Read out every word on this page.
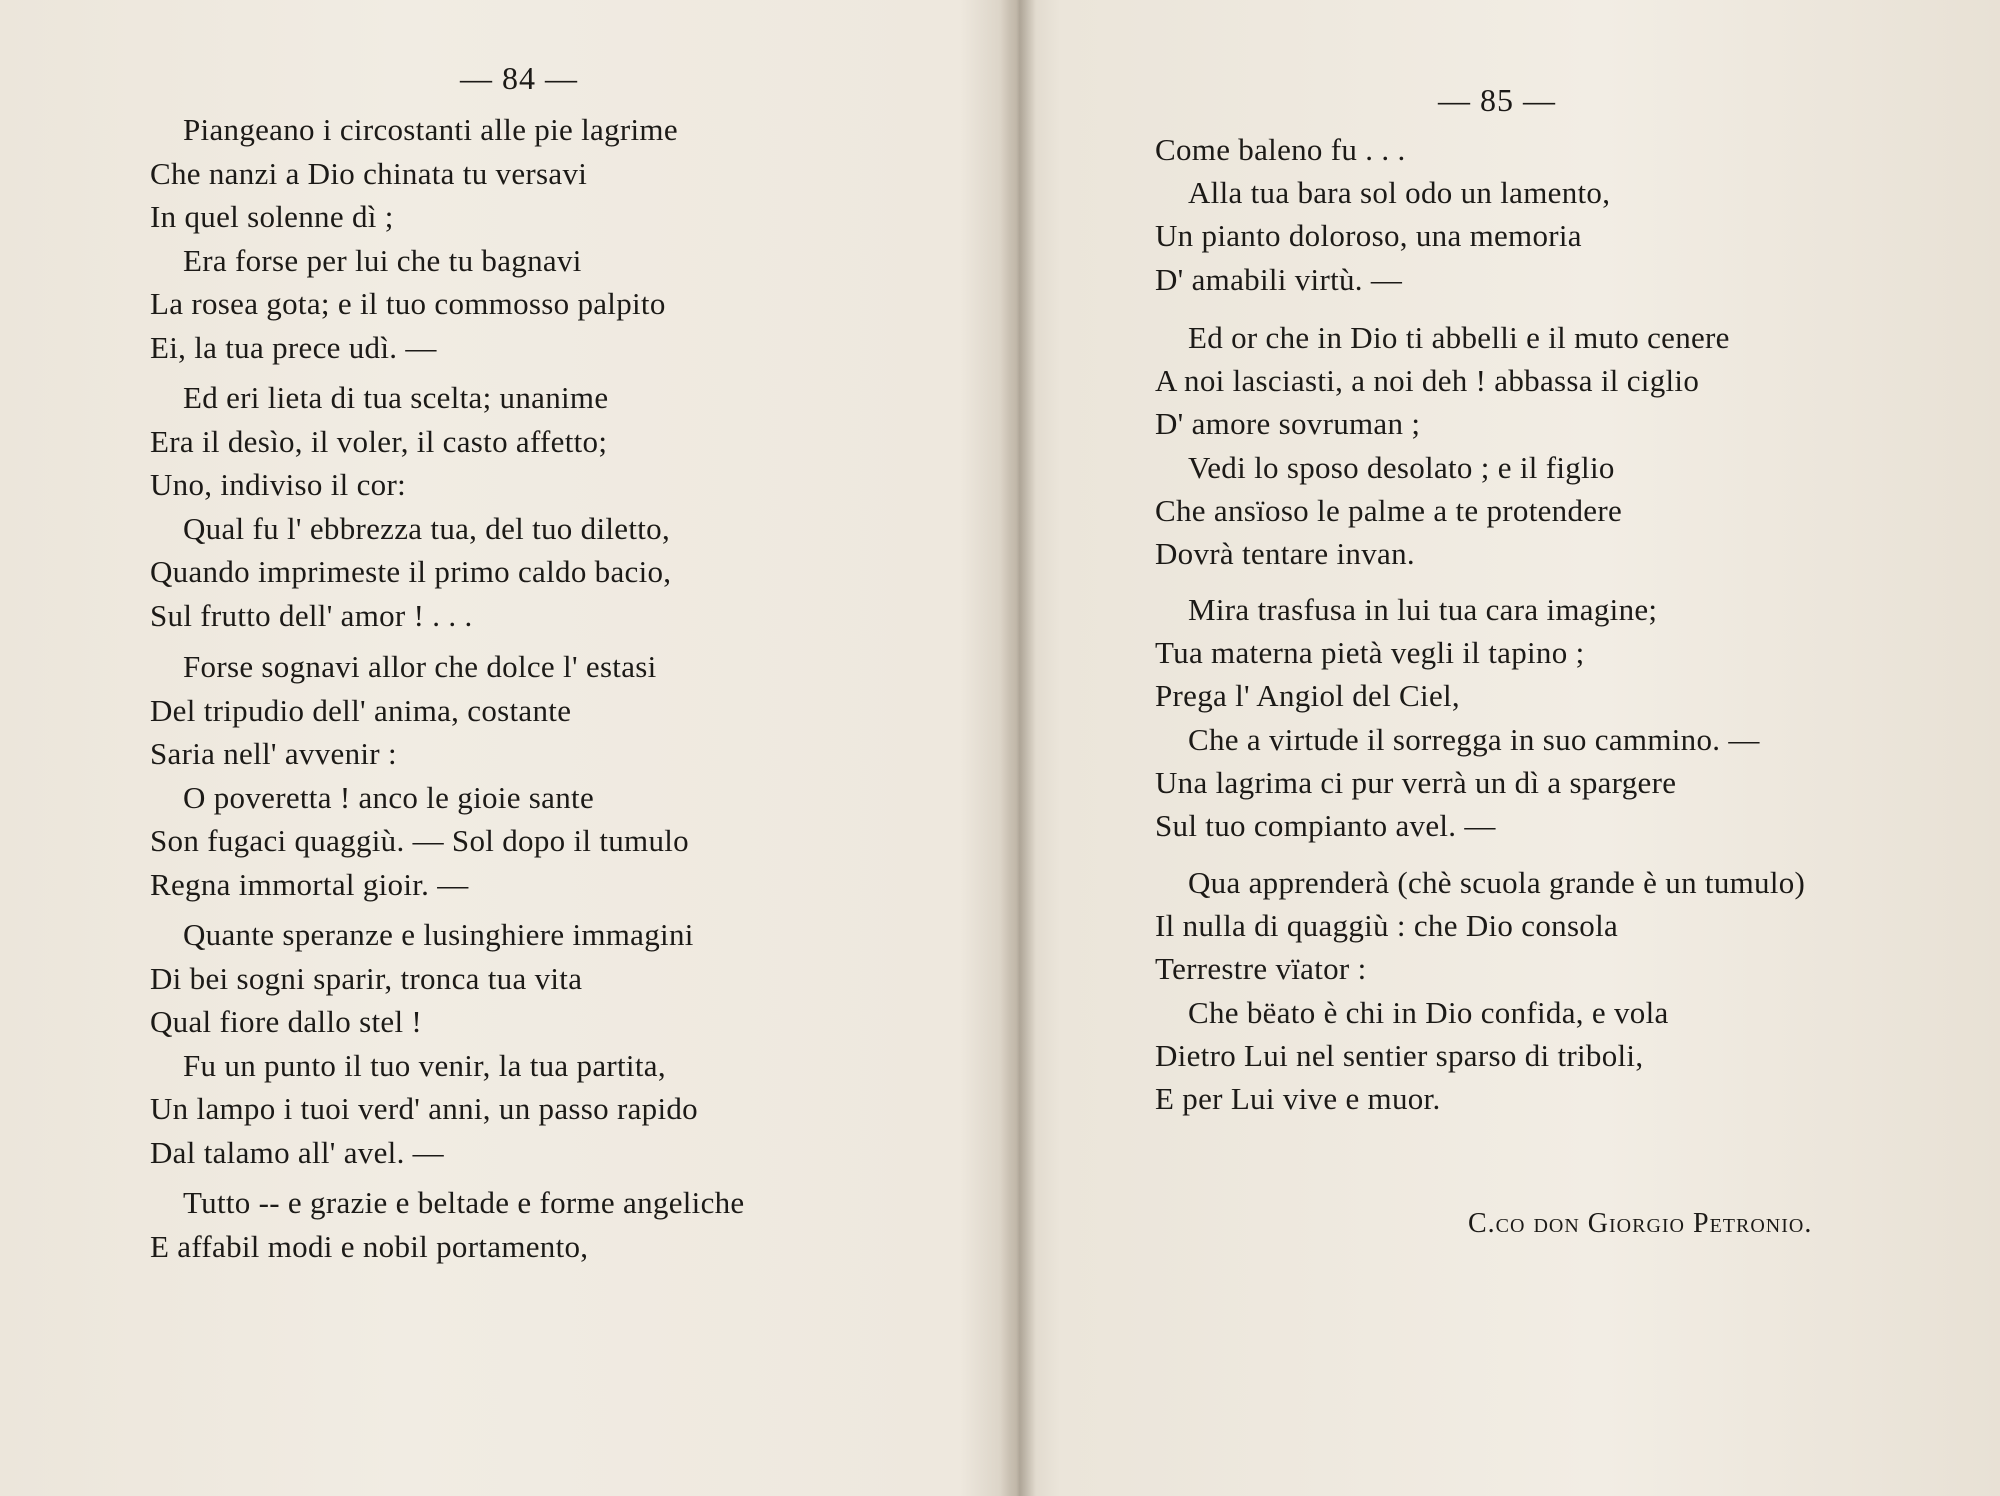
— 84 —
Piangeano i circostanti alle pie lagrime
Che nanzi a Dio chinata tu versavi
In quel solenne dì ;
Era forse per lui che tu bagnavi
La rosea gota; e il tuo commosso palpito
Ei, la tua prece udì. —
Ed eri lieta di tua scelta; unanime
Era il desìo, il voler, il casto affetto;
Uno, indiviso il cor:
Qual fu l' ebbrezza tua, del tuo diletto,
Quando imprimeste il primo caldo bacio,
Sul frutto dell' amor ! . . .
Forse sognavi allor che dolce l' estasi
Del tripudio dell' anima, costante
Saria nell' avvenir :
O poveretta ! anco le gioie sante
Son fugaci quaggiù. — Sol dopo il tumulo
Regna immortal gioir. —
Quante speranze e lusinghiere immagini
Di bei sogni sparir, tronca tua vita
Qual fiore dallo stel !
Fu un punto il tuo venir, la tua partita,
Un lampo i tuoi verd' anni, un passo rapido
Dal talamo all' avel. —
Tutto -- e grazie e beltade e forme angeliche
E affabil modi e nobil portamento,
— 85 —
Come baleno fu . . .
Alla tua bara sol odo un lamento,
Un pianto doloroso, una memoria
D' amabili virtù. —
Ed or che in Dio ti abbelli e il muto cenere
A noi lasciasti, a noi deh ! abbassa il ciglio
D' amore sovruman ;
Vedi lo sposo desolato ; e il figlio
Che ansïoso le palme a te protendere
Dovrà tentare invan.
Mira trasfusa in lui tua cara imagine;
Tua materna pietà vegli il tapino ;
Prega l' Angiol del Ciel,
Che a virtude il sorregga in suo cammino. —
Una lagrima ci pur verrà un dì a spargere
Sul tuo compianto avel. —
Qua apprenderà (chè scuola grande è un tumulo)
Il nulla di quaggiù : che Dio consola
Terrestre vïator :
Che bëato è chi in Dio confida, e vola
Dietro Lui nel sentier sparso di triboli,
E per Lui vive e muor.
C.co don Giorgio Petronio.
